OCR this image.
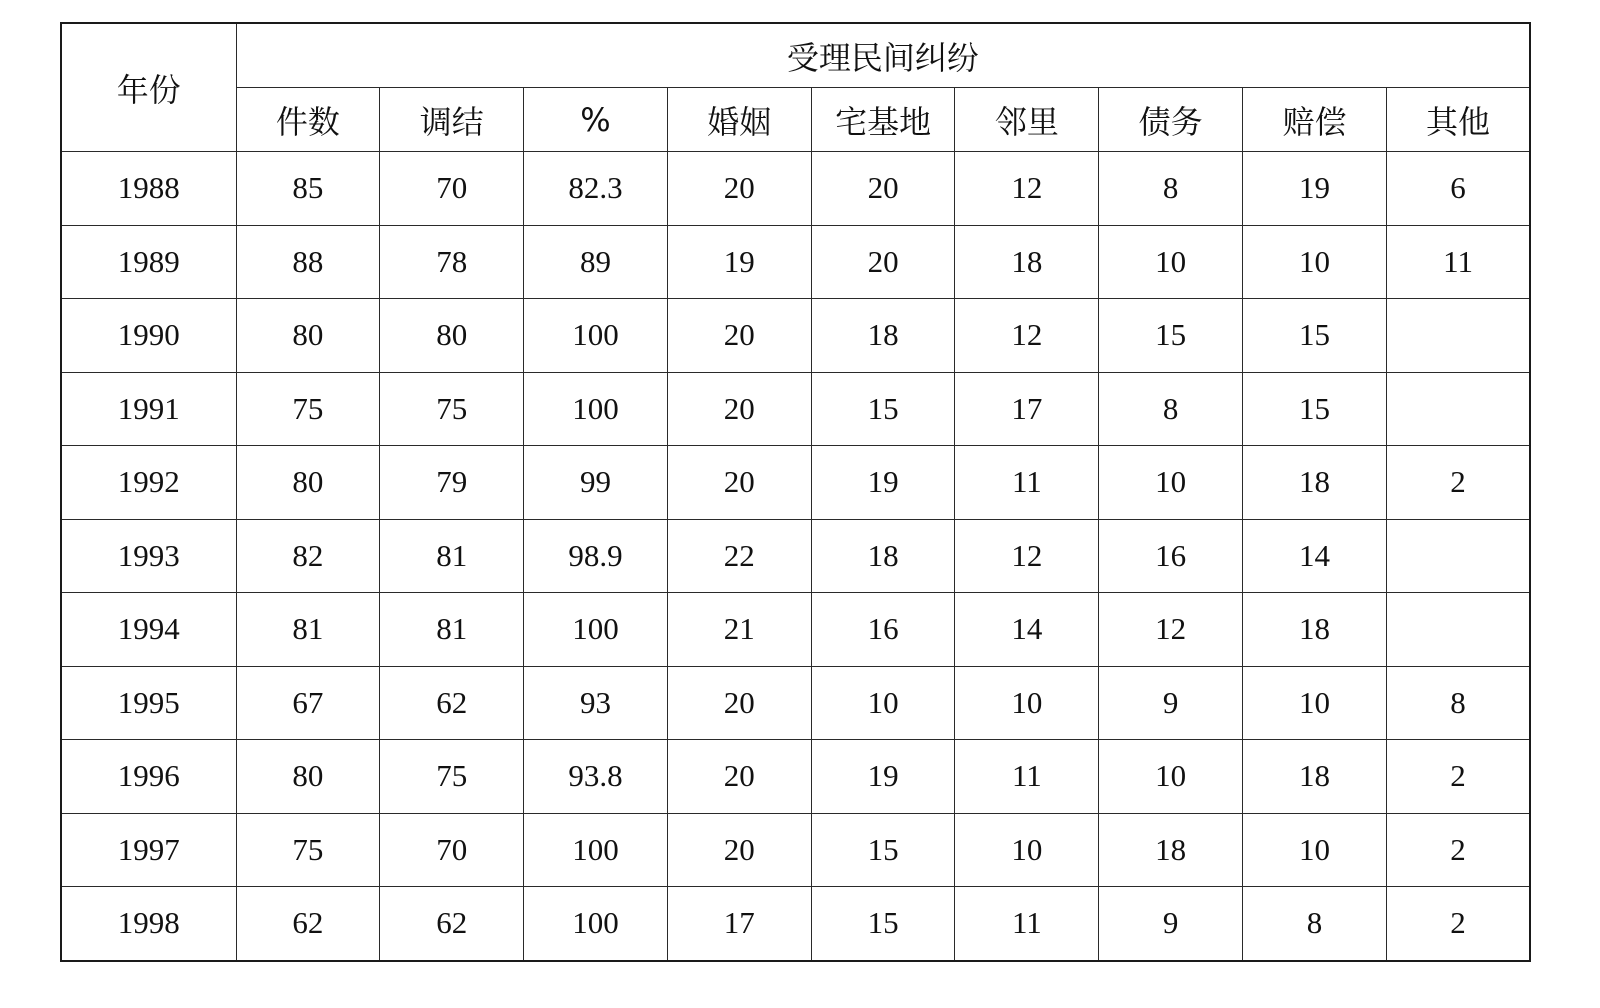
年份	受理民间纠纷								
	件数	调结	%	婚姻	宅基地	邻里	债务	赔偿	其他
1988	85	70	82.3	20	20	12	8	19	6
1989	88	78	89	19	20	18	10	10	11
1990	80	80	100	20	18	12	15	15	
1991	75	75	100	20	15	17	8	15	
1992	80	79	99	20	19	11	10	18	2
1993	82	81	98.9	22	18	12	16	14	
1994	81	81	100	21	16	14	12	18	
1995	67	62	93	20	10	10	9	10	8
1996	80	75	93.8	20	19	11	10	18	2
1997	75	70	100	20	15	10	18	10	2
1998	62	62	100	17	15	11	9	8	2
